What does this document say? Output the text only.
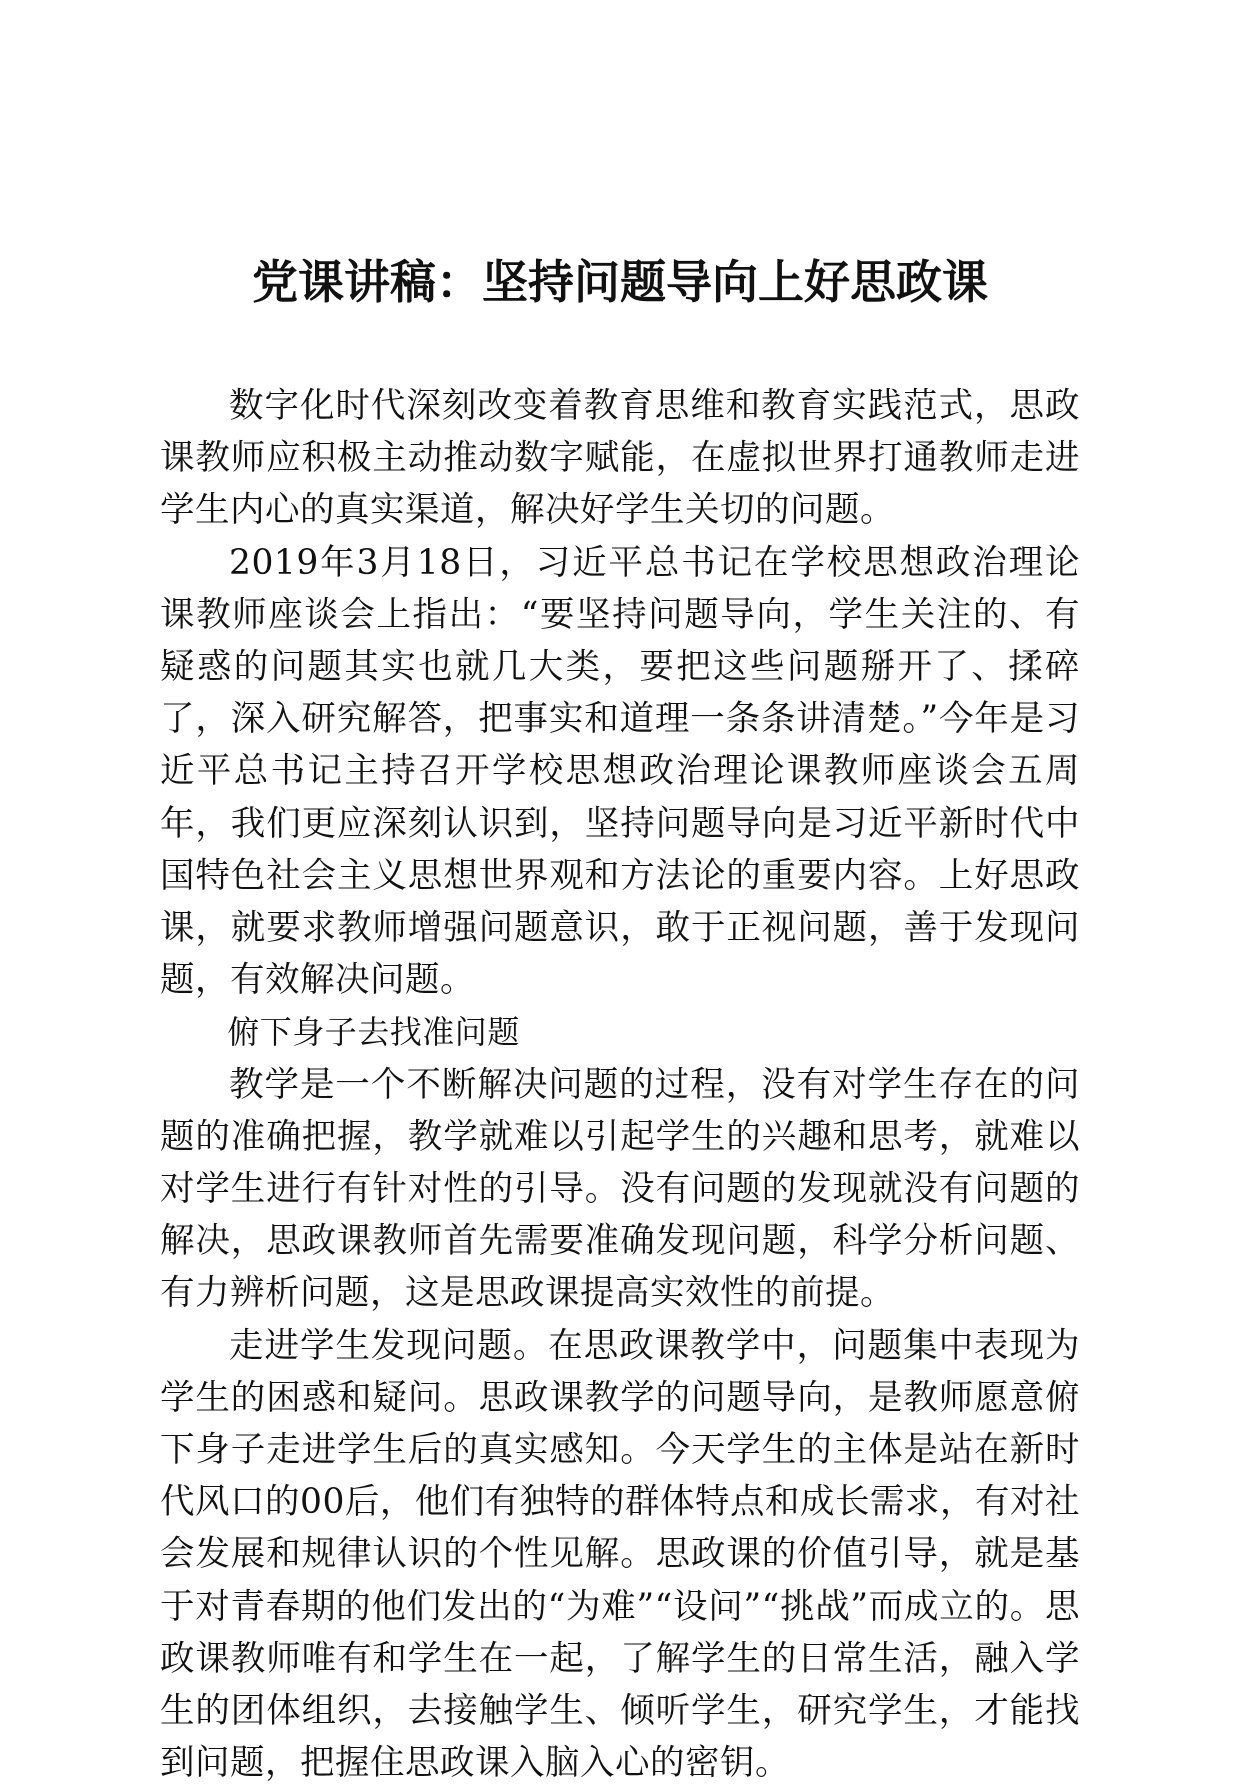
党课讲稿：坚持问题导向上好思政课

数字化时代深刻改变着教育思维和教育实践范式，思政课教师应积极主动推动数字赋能，在虚拟世界打通教师走进学生内心的真实渠道，解决好学生关切的问题。

2019年3月18日，习近平总书记在学校思想政治理论课教师座谈会上指出：“要坚持问题导向，学生关注的、有疑惑的问题其实也就几大类，要把这些问题掰开了、揉碎了，深入研究解答，把事实和道理一条条讲清楚。”今年是习近平总书记主持召开学校思想政治理论课教师座谈会五周年，我们更应深刻认识到，坚持问题导向是习近平新时代中国特色社会主义思想世界观和方法论的重要内容。上好思政课，就要求教师增强问题意识，敢于正视问题，善于发现问题，有效解决问题。

俯下身子去找准问题

教学是一个不断解决问题的过程，没有对学生存在的问题的准确把握，教学就难以引起学生的兴趣和思考，就难以对学生进行有针对性的引导。没有问题的发现就没有问题的解决，思政课教师首先需要准确发现问题，科学分析问题、有力辨析问题，这是思政课提高实效性的前提。

走进学生发现问题。在思政课教学中，问题集中表现为学生的困惑和疑问。思政课教学的问题导向，是教师愿意俯下身子走进学生后的真实感知。今天学生的主体是站在新时代风口的00后，他们有独特的群体特点和成长需求，有对社会发展和规律认识的个性见解。思政课的价值引导，就是基于对青春期的他们发出的“为难”“设问”“挑战”而成立的。思政课教师唯有和学生在一起，了解学生的日常生活，融入学生的团体组织，去接触学生、倾听学生，研究学生，才能找到问题，把握住思政课入脑入心的密钥。
